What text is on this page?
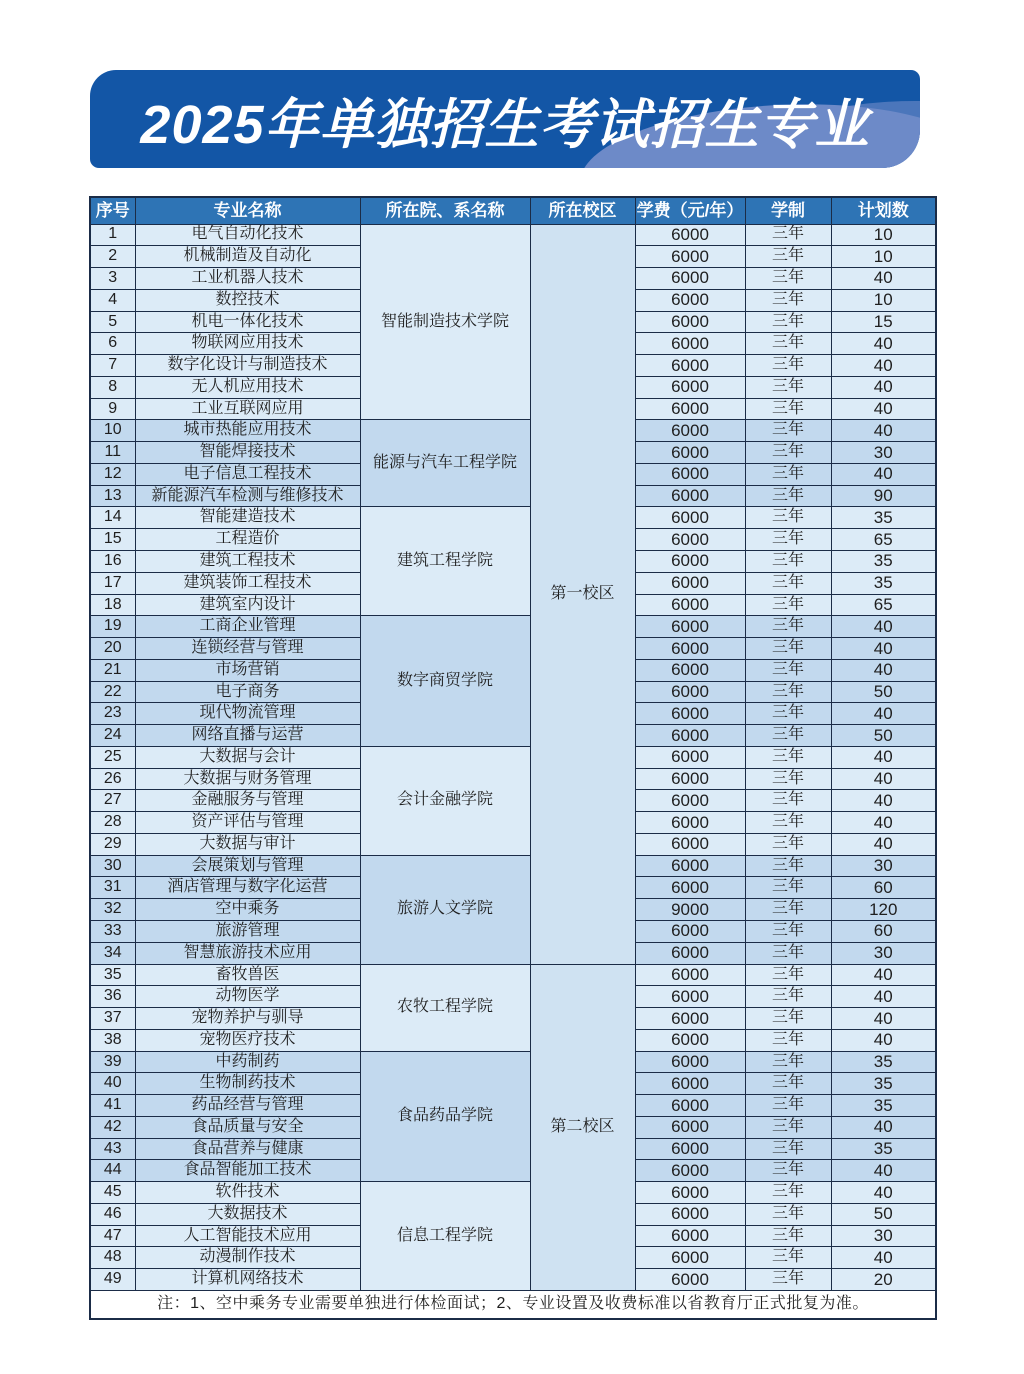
2025年单独招生考试招生专业
序号	专业名称	所在院、系名称	所在校区	学费（元/年）	学制	计划数
1	电气自动化技术	智能制造技术学院	第一校区	6000	三年	10
2	机械制造及自动化			6000	三年	10
3	工业机器人技术			6000	三年	40
4	数控技术			6000	三年	10
5	机电一体化技术			6000	三年	15
6	物联网应用技术			6000	三年	40
7	数字化设计与制造技术			6000	三年	40
8	无人机应用技术			6000	三年	40
9	工业互联网应用			6000	三年	40
10	城市热能应用技术	能源与汽车工程学院		6000	三年	40
11	智能焊接技术			6000	三年	30
12	电子信息工程技术			6000	三年	40
13	新能源汽车检测与维修技术			6000	三年	90
14	智能建造技术	建筑工程学院		6000	三年	35
15	工程造价			6000	三年	65
16	建筑工程技术			6000	三年	35
17	建筑装饰工程技术			6000	三年	35
18	建筑室内设计			6000	三年	65
19	工商企业管理	数字商贸学院		6000	三年	40
20	连锁经营与管理			6000	三年	40
21	市场营销			6000	三年	40
22	电子商务			6000	三年	50
23	现代物流管理			6000	三年	40
24	网络直播与运营			6000	三年	50
25	大数据与会计	会计金融学院		6000	三年	40
26	大数据与财务管理			6000	三年	40
27	金融服务与管理			6000	三年	40
28	资产评估与管理			6000	三年	40
29	大数据与审计			6000	三年	40
30	会展策划与管理	旅游人文学院		6000	三年	30
31	酒店管理与数字化运营			6000	三年	60
32	空中乘务			9000	三年	120
33	旅游管理			6000	三年	60
34	智慧旅游技术应用			6000	三年	30
35	畜牧兽医	农牧工程学院	第二校区	6000	三年	40
36	动物医学			6000	三年	40
37	宠物养护与驯导			6000	三年	40
38	宠物医疗技术			6000	三年	40
39	中药制药	食品药品学院		6000	三年	35
40	生物制药技术			6000	三年	35
41	药品经营与管理			6000	三年	35
42	食品质量与安全			6000	三年	40
43	食品营养与健康			6000	三年	35
44	食品智能加工技术			6000	三年	40
45	软件技术	信息工程学院		6000	三年	40
46	大数据技术			6000	三年	50
47	人工智能技术应用			6000	三年	30
48	动漫制作技术			6000	三年	40
49	计算机网络技术			6000	三年	20
注：1、空中乘务专业需要单独进行体检面试；2、专业设置及收费标准以省教育厅正式批复为准。						
